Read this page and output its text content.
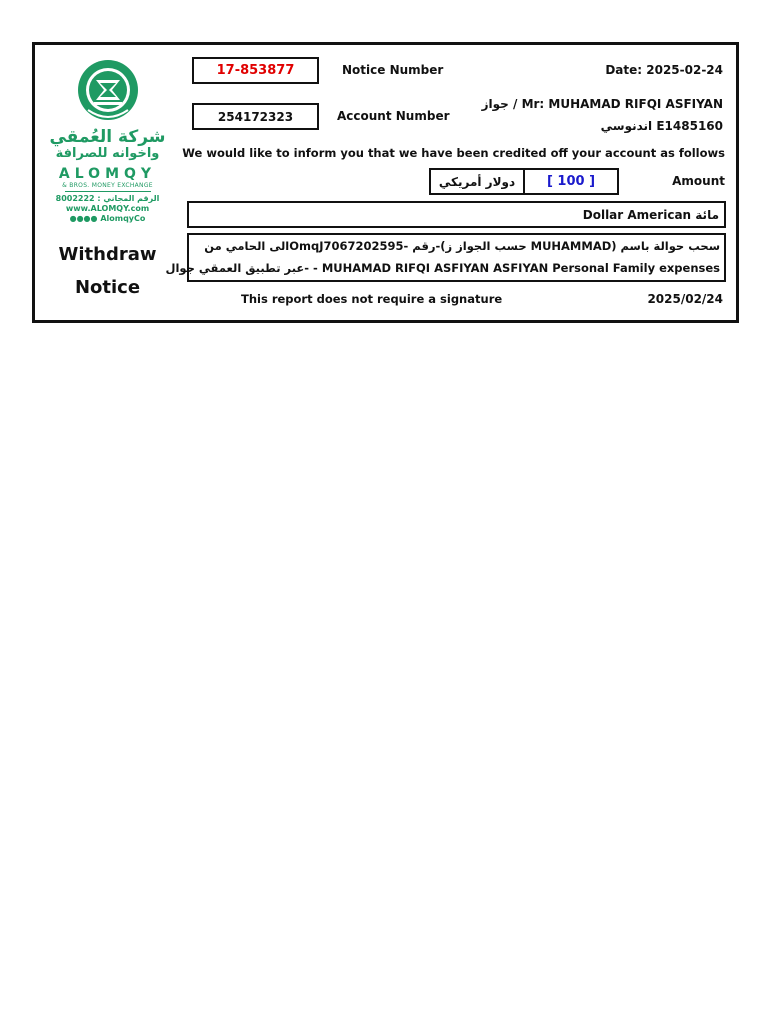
شركة العُمقي
واخوانه للصرافة
ALOMQY
& BROS. MONEY EXCHANGE
8002222 : الرقم المجاني
www.ALOMQY.com
●●●● AlomqyCo
Withdraw
Notice
17-853877	Notice Number	Date: 2025-02-24
254172323	Account Number
جواز / Mr: MUHAMAD RIFQI ASFIYAN
اندنوسي E1485160
We would like to inform you that we have been credited off your account as follows
دولار أمريكي	[ 100 ]	Amount
Dollar American مائة
سحب حوالة باسم (MUHAMMAD حسب الجواز ز)-رقم -OmqJ7067202595الى الحامي من
MUHAMAD RIFQI ASFIYAN ASFIYAN Personal Family expenses - -عبر تطبيق العمقي جوال
This report does not require a signature	2025/02/24
